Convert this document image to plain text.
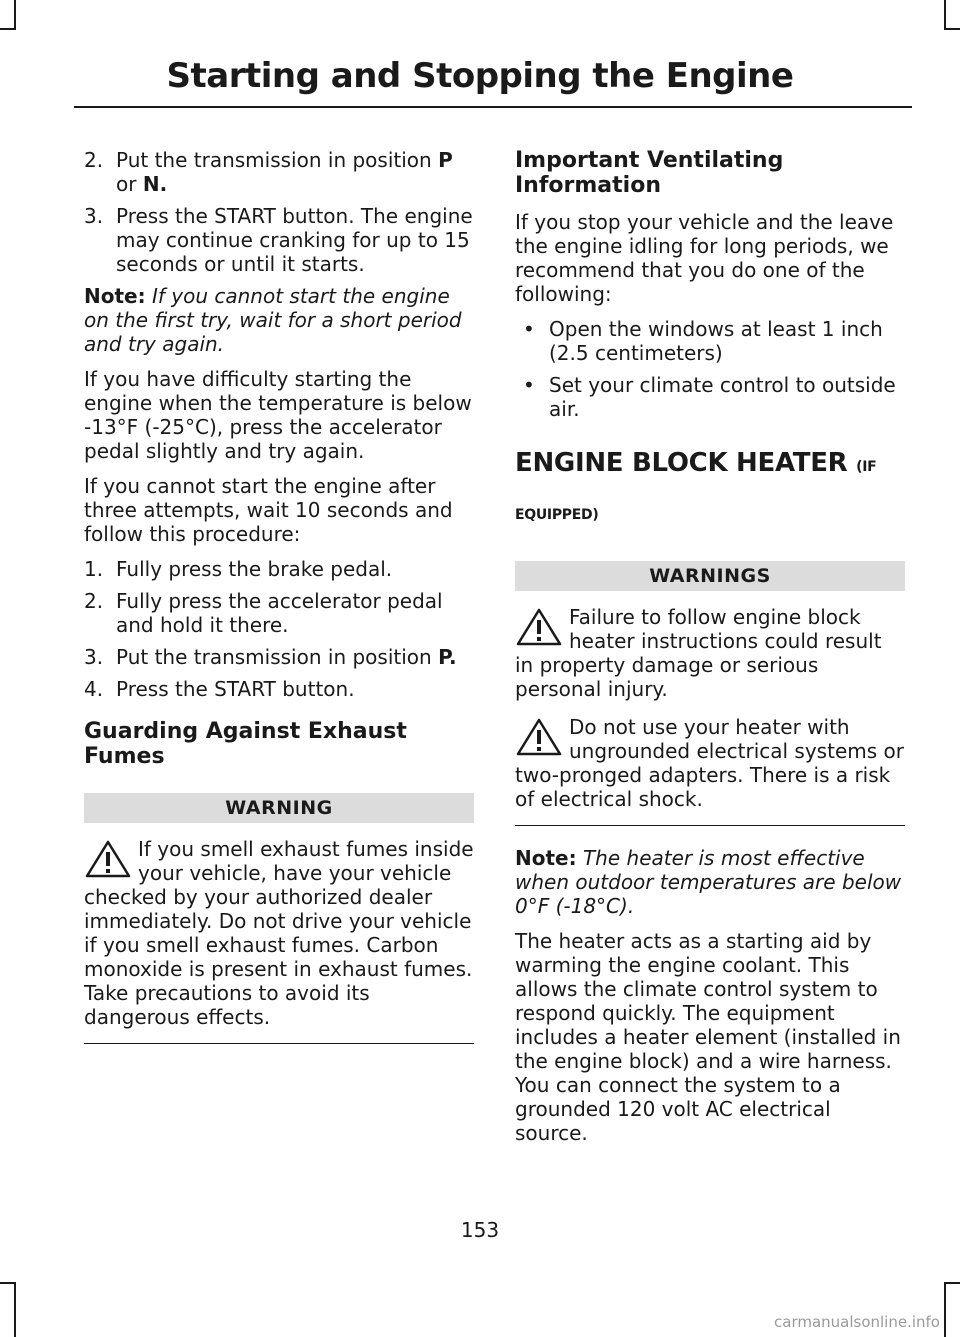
Starting and Stopping the Engine
2. Put the transmission in position P or N.
3. Press the START button. The engine may continue cranking for up to 15 seconds or until it starts.

Note: If you cannot start the engine on the first try, wait for a short period and try again.

If you have difficulty starting the engine when the temperature is below -13°F (-25°C), press the accelerator pedal slightly and try again.

If you cannot start the engine after three attempts, wait 10 seconds and follow this procedure:

1. Fully press the brake pedal.
2. Fully press the accelerator pedal and hold it there.
3. Put the transmission in position P.
4. Press the START button.
Guarding Against Exhaust Fumes
WARNING
If you smell exhaust fumes inside your vehicle, have your vehicle checked by your authorized dealer immediately. Do not drive your vehicle if you smell exhaust fumes. Carbon monoxide is present in exhaust fumes. Take precautions to avoid its dangerous effects.
Important Ventilating Information

If you stop your vehicle and the leave the engine idling for long periods, we recommend that you do one of the following:

• Open the windows at least 1 inch (2.5 centimeters)
• Set your climate control to outside air.
ENGINE BLOCK HEATER (IF EQUIPPED)
WARNINGS
Failure to follow engine block heater instructions could result in property damage or serious personal injury.
Do not use your heater with ungrounded electrical systems or two-pronged adapters. There is a risk of electrical shock.

Note: The heater is most effective when outdoor temperatures are below 0°F (-18°C).

The heater acts as a starting aid by warming the engine coolant. This allows the climate control system to respond quickly. The equipment includes a heater element (installed in the engine block) and a wire harness. You can connect the system to a grounded 120 volt AC electrical source.

153
carmanualsonline.info
